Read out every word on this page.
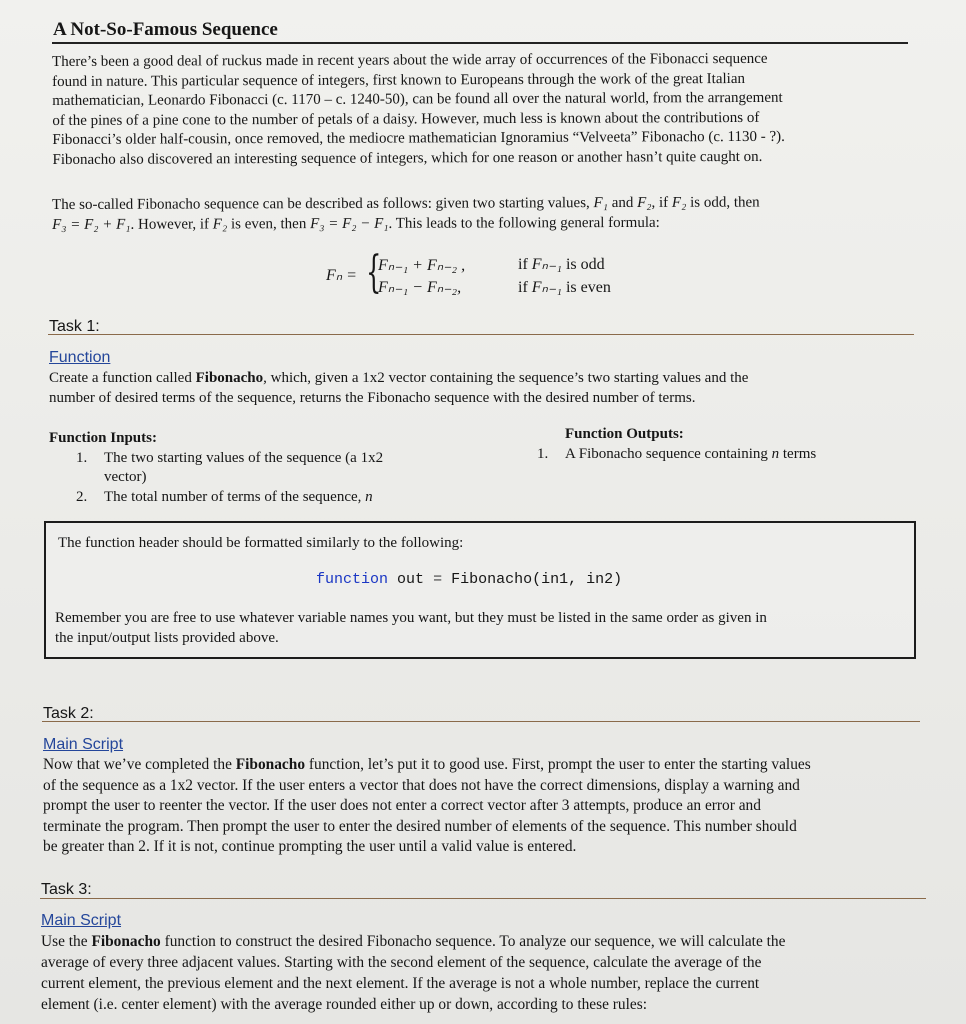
A Not-So-Famous Sequence
There’s been a good deal of ruckus made in recent years about the wide array of occurrences of the Fibonacci sequence
found in nature. This particular sequence of integers, first known to Europeans through the work of the great Italian
mathematician, Leonardo Fibonacci (c. 1170 – c. 1240-50), can be found all over the natural world, from the arrangement
of the pines of a pine cone to the number of petals of a daisy. However, much less is known about the contributions of
Fibonacci’s older half-cousin, once removed, the mediocre mathematician Ignoramius “Velveeta” Fibonacho (c. 1130 - ?).
Fibonacho also discovered an interesting sequence of integers, which for one reason or another hasn’t quite caught on.
The so-called Fibonacho sequence can be described as follows: given two starting values, F₁ and F₂, if F₂ is odd, then
F₃ = F₂ + F₁. However, if F₂ is even, then F₃ = F₂ − F₁. This leads to the following general formula:
Fₙ = {
Fₙ₋₁ + Fₙ₋₂ ,
Fₙ₋₁ − Fₙ₋₂,
if Fₙ₋₁ is odd
if Fₙ₋₁ is even
Task 1:
Function
Create a function called Fibonacho, which, given a 1x2 vector containing the sequence’s two starting values and the
number of desired terms of the sequence, returns the Fibonacho sequence with the desired number of terms.
Function Inputs:
1. The two starting values of the sequence (a 1x2
vector)
2. The total number of terms of the sequence, n
Function Outputs:
1. A Fibonacho sequence containing n terms
The function header should be formatted similarly to the following:
function out = Fibonacho(in1, in2)
Remember you are free to use whatever variable names you want, but they must be listed in the same order as given in
the input/output lists provided above.
Task 2:
Main Script
Now that we’ve completed the Fibonacho function, let’s put it to good use. First, prompt the user to enter the starting values
of the sequence as a 1x2 vector. If the user enters a vector that does not have the correct dimensions, display a warning and
prompt the user to reenter the vector. If the user does not enter a correct vector after 3 attempts, produce an error and
terminate the program. Then prompt the user to enter the desired number of elements of the sequence. This number should
be greater than 2. If it is not, continue prompting the user until a valid value is entered.
Task 3:
Main Script
Use the Fibonacho function to construct the desired Fibonacho sequence. To analyze our sequence, we will calculate the
average of every three adjacent values. Starting with the second element of the sequence, calculate the average of the
current element, the previous element and the next element. If the average is not a whole number, replace the current
element (i.e. center element) with the average rounded either up or down, according to these rules:
